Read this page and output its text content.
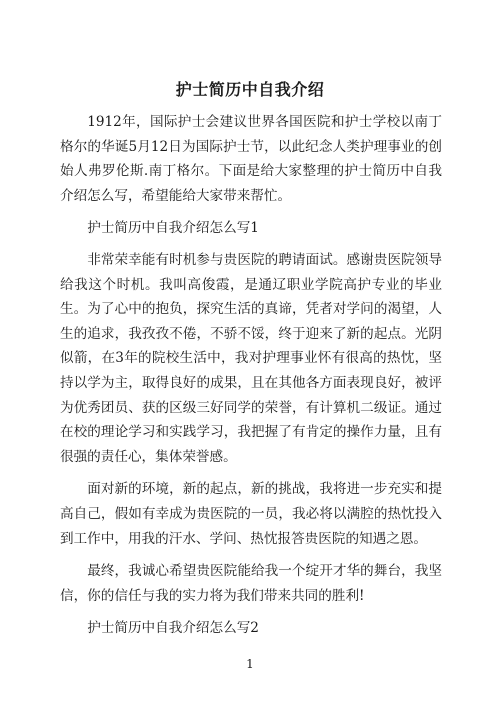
护士简历中自我介绍

1912年，国际护士会建议世界各国医院和护士学校以南丁格尔的华诞5月12日为国际护士节，以此纪念人类护理事业的创始人弗罗伦斯.南丁格尔。下面是给大家整理的护士简历中自我介绍怎么写，希望能给大家带来帮忙。

护士简历中自我介绍怎么写1

非常荣幸能有时机参与贵医院的聘请面试。感谢贵医院领导给我这个时机。我叫高俊霞，是通辽职业学院高护专业的毕业生。为了心中的抱负，探究生活的真谛，凭者对学问的渴望，人生的追求，我孜孜不倦，不骄不馁，终于迎来了新的起点。光阴似箭，在3年的院校生活中，我对护理事业怀有很高的热忱，坚持以学为主，取得良好的成果，且在其他各方面表现良好，被评为优秀团员、获的区级三好同学的荣誉，有计算机二级证。通过在校的理论学习和实践学习，我把握了有肯定的操作力量，且有很强的责任心，集体荣誉感。

面对新的环境，新的起点，新的挑战，我将进一步充实和提高自己，假如有幸成为贵医院的一员，我必将以满腔的热忱投入到工作中，用我的汗水、学问、热忱报答贵医院的知遇之恩。

最终，我诚心希望贵医院能给我一个绽开才华的舞台，我坚信，你的信任与我的实力将为我们带来共同的胜利!

护士简历中自我介绍怎么写2

1
